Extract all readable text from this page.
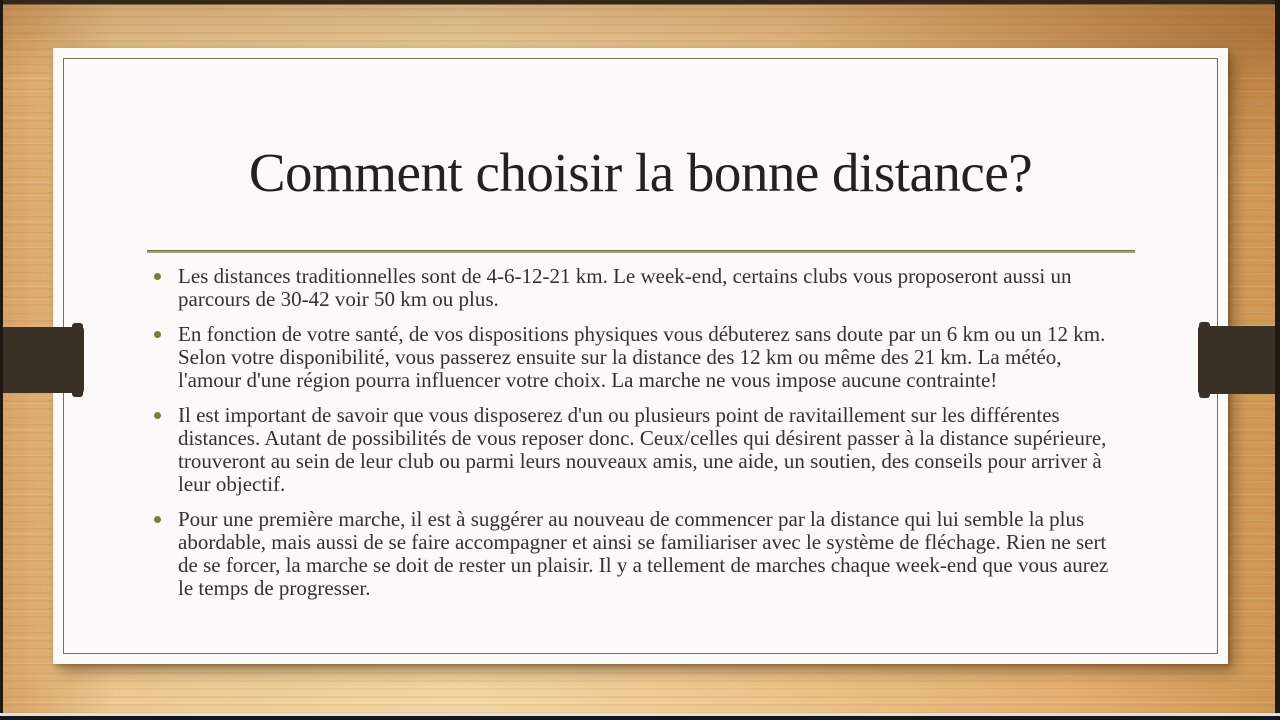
Comment choisir la bonne distance?
Les distances traditionnelles sont de 4-6-12-21 km. Le week-end, certains clubs vous proposeront aussi un parcours de 30-42 voir 50 km ou plus.
En fonction de votre santé, de vos dispositions physiques vous débuterez sans doute par un 6 km ou un 12 km. Selon votre disponibilité, vous passerez ensuite sur la distance des 12 km ou même des 21 km. La météo, l'amour d'une région pourra influencer votre choix. La marche ne vous impose aucune contrainte!
Il est important de savoir que vous disposerez d'un ou plusieurs point de ravitaillement sur les différentes distances. Autant de possibilités de vous reposer donc. Ceux/celles qui désirent passer à la distance supérieure, trouveront au sein de leur club ou parmi leurs nouveaux amis, une aide, un soutien, des conseils pour arriver à leur objectif.
Pour une première marche, il est à suggérer au nouveau de commencer par la distance qui lui semble la plus abordable, mais aussi de se faire accompagner et ainsi se familiariser avec le système de fléchage. Rien ne sert de se forcer, la marche se doit de rester un plaisir. Il y a tellement de marches chaque week-end que vous aurez le temps de progresser.
